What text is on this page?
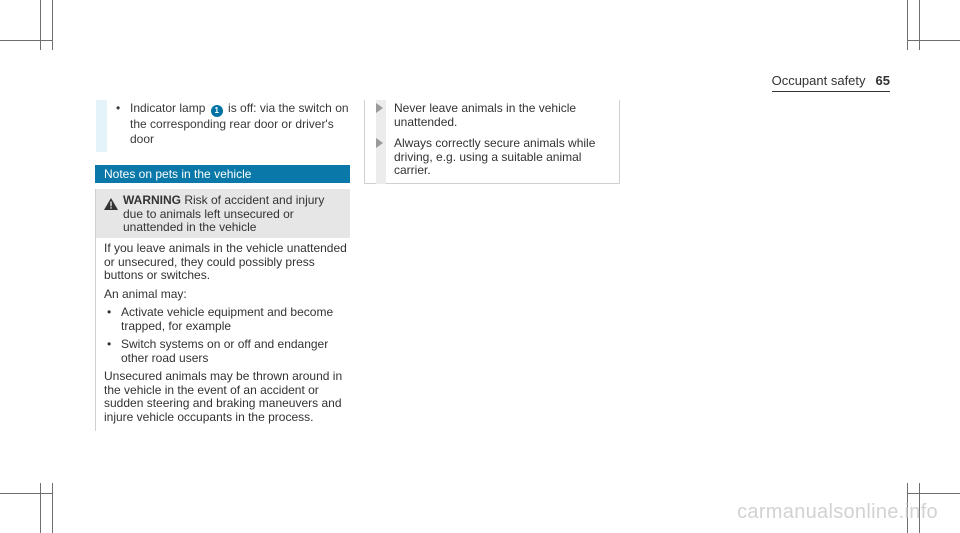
Occupant safety 65
• Indicator lamp 1 is off: via the switch on the corresponding rear door or driver's door
Notes on pets in the vehicle
WARNING Risk of accident and injury due to animals left unsecured or unattended in the vehicle

If you leave animals in the vehicle unattended or unsecured, they could possibly press buttons or switches.

An animal may:

• Activate vehicle equipment and become trapped, for example
• Switch systems on or off and endanger other road users

Unsecured animals may be thrown around in the vehicle in the event of an accident or sudden steering and braking maneuvers and injure vehicle occupants in the process.

Never leave animals in the vehicle unattended.
Always correctly secure animals while driving, e.g. using a suitable animal carrier.
carmanualsonline.info
